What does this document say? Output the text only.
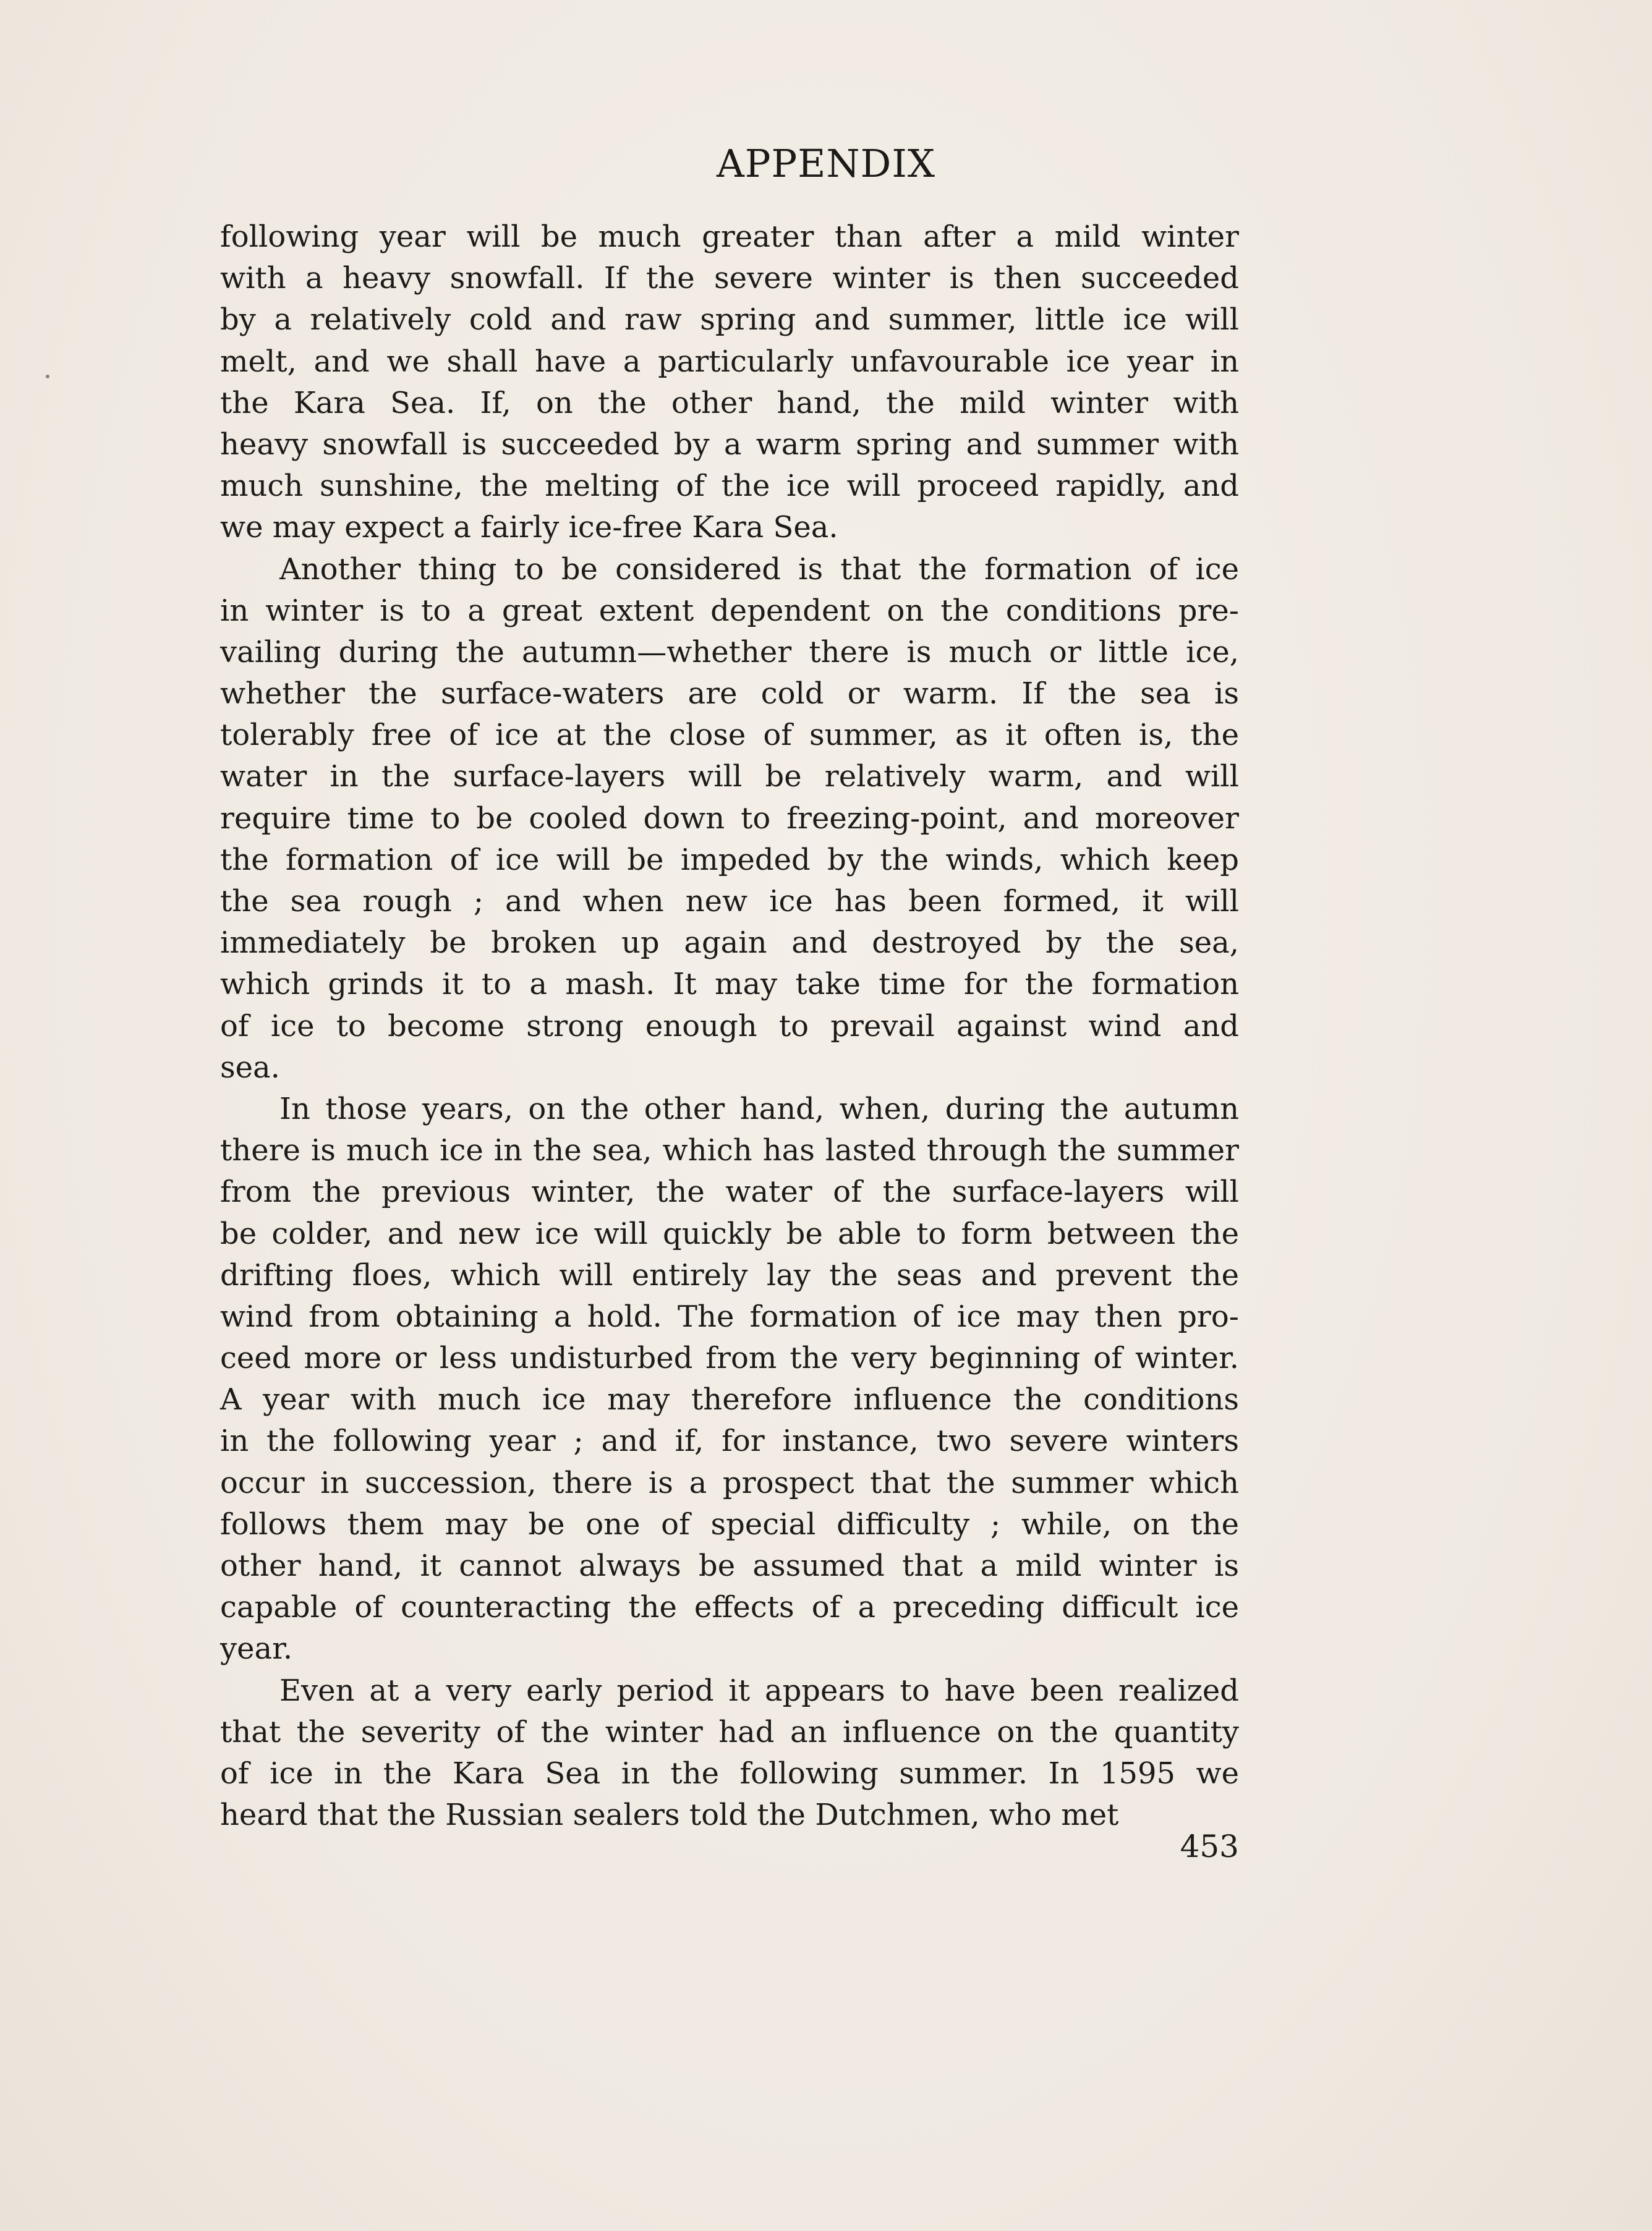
APPENDIX
following year will be much greater than after a mild winter
with a heavy snowfall. If the severe winter is then succeeded
by a relatively cold and raw spring and summer, little ice will
melt, and we shall have a particularly unfavourable ice year in
the Kara Sea. If, on the other hand, the mild winter with
heavy snowfall is succeeded by a warm spring and summer with
much sunshine, the melting of the ice will proceed rapidly, and
we may expect a fairly ice-free Kara Sea.
Another thing to be considered is that the formation of ice
in winter is to a great extent dependent on the conditions pre-
vailing during the autumn—whether there is much or little ice,
whether the surface-waters are cold or warm. If the sea is
tolerably free of ice at the close of summer, as it often is, the
water in the surface-layers will be relatively warm, and will
require time to be cooled down to freezing-point, and moreover
the formation of ice will be impeded by the winds, which keep
the sea rough ; and when new ice has been formed, it will
immediately be broken up again and destroyed by the sea,
which grinds it to a mash. It may take time for the formation
of ice to become strong enough to prevail against wind and
sea.
In those years, on the other hand, when, during the autumn
there is much ice in the sea, which has lasted through the summer
from the previous winter, the water of the surface-layers will
be colder, and new ice will quickly be able to form between the
drifting floes, which will entirely lay the seas and prevent the
wind from obtaining a hold. The formation of ice may then pro-
ceed more or less undisturbed from the very beginning of winter.
A year with much ice may therefore influence the conditions
in the following year ; and if, for instance, two severe winters
occur in succession, there is a prospect that the summer which
follows them may be one of special difficulty ; while, on the
other hand, it cannot always be assumed that a mild winter is
capable of counteracting the effects of a preceding difficult ice
year.
Even at a very early period it appears to have been realized
that the severity of the winter had an influence on the quantity
of ice in the Kara Sea in the following summer. In 1595 we
heard that the Russian sealers told the Dutchmen, who met
453
